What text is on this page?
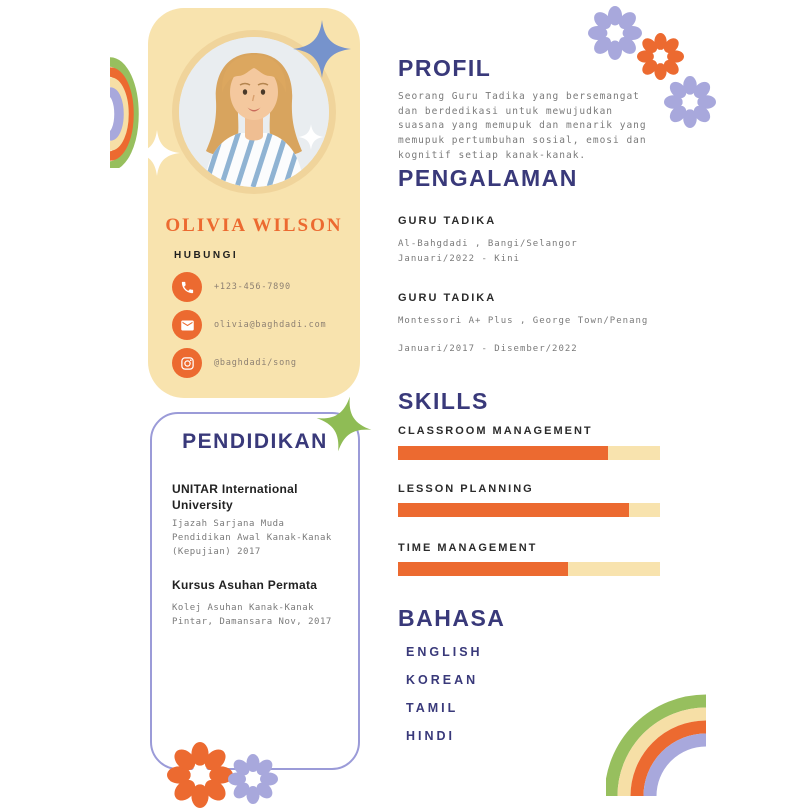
OLIVIA WILSON
HUBUNGI
+123-456-7890
olivia@baghdadi.com
@baghdadi/song
PENDIDIKAN
UNITAR International University
Ijazah Sarjana Muda Pendidikan Awal Kanak-Kanak (Kepujian) 2017
Kursus Asuhan Permata
Kolej Asuhan Kanak-Kanak Pintar, Damansara Nov, 2017
PROFIL
Seorang Guru Tadika yang bersemangat dan berdedikasi untuk mewujudkan suasana yang memupuk dan menarik yang memupuk pertumbuhan sosial, emosi dan kognitif setiap kanak-kanak.
PENGALAMAN
GURU TADIKA
Al-Bahgdadi , Bangi/Selangor
Januari/2022 - Kini
GURU TADIKA
Montessori A+ Plus , George Town/Penang
Januari/2017 - Disember/2022
SKILLS
CLASSROOM MANAGEMENT
LESSON PLANNING
TIME MANAGEMENT
BAHASA
ENGLISH
KOREAN
TAMIL
HINDI
